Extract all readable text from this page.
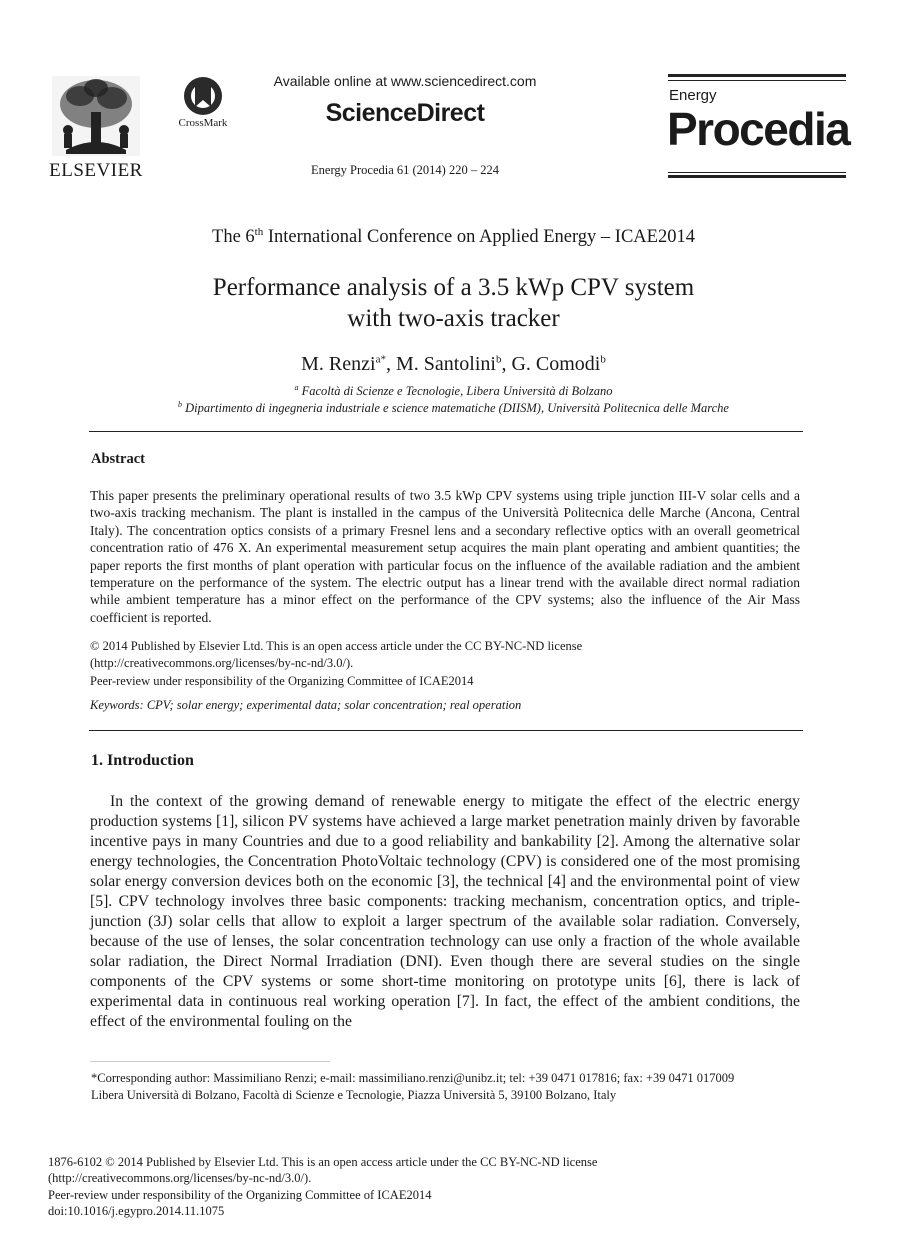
ELSEVIER
CrossMark
Available online at www.sciencedirect.com
ScienceDirect
Energy Procedia 61 (2014) 220 – 224
Energy
Procedia
The 6th International Conference on Applied Energy – ICAE2014
Performance analysis of a 3.5 kWp CPV system
with two-axis tracker
M. Renzi$^{a*}$, M. Santolini$^b$, G. Comodi$^b$
$^a$ Facoltà di Scienze e Tecnologie, Libera Università di Bolzano
$^b$ Dipartimento di ingegneria industriale e science matematiche (DIISM), Università Politecnica delle Marche
Abstract
This paper presents the preliminary operational results of two 3.5 kWp CPV systems using triple junction III-V solar cells and a two-axis tracking mechanism. The plant is installed in the campus of the Università Politecnica delle Marche (Ancona, Central Italy). The concentration optics consists of a primary Fresnel lens and a secondary reflective optics with an overall geometrical concentration ratio of 476 X. An experimental measurement setup acquires the main plant operating and ambient quantities; the paper reports the first months of plant operation with particular focus on the influence of the available radiation and the ambient temperature on the performance of the system. The electric output has a linear trend with the available direct normal radiation while ambient temperature has a minor effect on the performance of the CPV systems; also the influence of the Air Mass coefficient is reported.
© 2014 Published by Elsevier Ltd. This is an open access article under the CC BY-NC-ND license
(http://creativecommons.org/licenses/by-nc-nd/3.0/).
Peer-review under responsibility of the Organizing Committee of ICAE2014
Keywords: CPV; solar energy; experimental data; solar concentration; real operation
1. Introduction
In the context of the growing demand of renewable energy to mitigate the effect of the electric energy production systems [1], silicon PV systems have achieved a large market penetration mainly driven by favorable incentive pays in many Countries and due to a good reliability and bankability [2]. Among the alternative solar energy technologies, the Concentration PhotoVoltaic technology (CPV) is considered one of the most promising solar energy conversion devices both on the economic [3], the technical [4] and the environmental point of view [5]. CPV technology involves three basic components: tracking mechanism, concentration optics, and triple-junction (3J) solar cells that allow to exploit a larger spectrum of the available solar radiation. Conversely, because of the use of lenses, the solar concentration technology can use only a fraction of the whole available solar radiation, the Direct Normal Irradiation (DNI). Even though there are several studies on the single components of the CPV systems or some short-time monitoring on prototype units [6], there is lack of experimental data in continuous real working operation [7]. In fact, the effect of the ambient conditions, the effect of the environmental fouling on the
*Corresponding author: Massimiliano Renzi; e-mail: massimiliano.renzi@unibz.it; tel: +39 0471 017816; fax: +39 0471 017009
Libera Università di Bolzano, Facoltà di Scienze e Tecnologie, Piazza Università 5, 39100 Bolzano, Italy
1876-6102 © 2014 Published by Elsevier Ltd. This is an open access article under the CC BY-NC-ND license
(http://creativecommons.org/licenses/by-nc-nd/3.0/).
Peer-review under responsibility of the Organizing Committee of ICAE2014
doi:10.1016/j.egypro.2014.11.1075
